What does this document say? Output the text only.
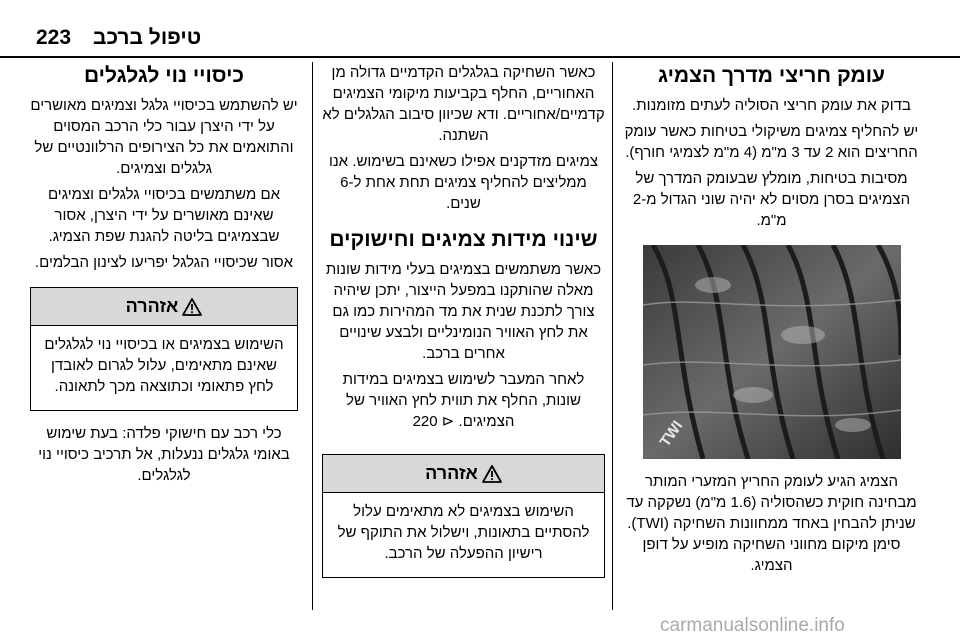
223 טיפול ברכב
עומק חריצי מדרך הצמיג

בדוק את עומק חריצי הסוליה לעתים מזומנות.

יש להחליף צמיגים משיקולי בטיחות כאשר עומק החריצים הוא 2 עד 3 מ"מ (4 מ"מ לצמיגי חורף).

מסיבות בטיחות, מומלץ שבעומק המדרך של הצמיגים בסרן מסוים לא יהיה שוני הגדול מ-2 מ"מ.

TWI

הצמיג הגיע לעומק החריץ המזערי המותר מבחינה חוקית כשהסוליה (1.6 מ"מ) נשקקה עד שניתן להבחין באחד ממחוונות השחיקה (TWI). סימן מיקום מחווני השחיקה מופיע על דופן הצמיג.

כאשר השחיקה בגלגלים הקדמיים גדולה מן האחוריים, החלף בקביעות מיקומי הצמיגים קדמיים/אחוריים. ודא שכיוון סיבוב הגלגלים לא השתנה.

צמיגים מזדקנים אפילו כשאינם בשימוש. אנו ממליצים להחליף צמיגים תחת אחת ל-6 שנים.

שינוי מידות צמיגים וחישוקים

כאשר משתמשים בצמיגים בעלי מידות שונות מאלה שהותקנו במפעל הייצור, יתכן שיהיה צורך לתכנת שנית את מד המהירות כמו גם את לחץ האוויר הנומינליים ולבצע שינויים אחרים ברכב.

לאחר המעבר לשימוש בצמיגים במידות שונות, החלף את תווית לחץ האוויר של הצמיגים. ⊲ 220

אזהרה

השימוש בצמיגים לא מתאימים עלול להסתיים בתאונות, וישלול את התוקף של רישיון ההפעלה של הרכב.

כיסויי נוי לגלגלים

יש להשתמש בכיסויי גלגל וצמיגים מאושרים על ידי היצרן עבור כלי הרכב המסוים והתואמים את כל הצירופים הרלוונטיים של גלגלים וצמיגים.

אם משתמשים בכיסויי גלגלים וצמיגים שאינם מאושרים על ידי היצרן, אסור שבצמיגים בליטה להגנת שפת הצמיג.

אסור שכיסויי הגלגל יפריעו לצינון הבלמים.

אזהרה

השימוש בצמיגים או בכיסויי נוי לגלגלים שאינם מתאימים, עלול לגרום לאובדן לחץ פתאומי וכתוצאה מכך לתאונה.

כלי רכב עם חישוקי פלדה: בעת שימוש באומי גלגלים ננעלות, אל תרכיב כיסויי נוי לגלגלים.

carmanualsonline.info
